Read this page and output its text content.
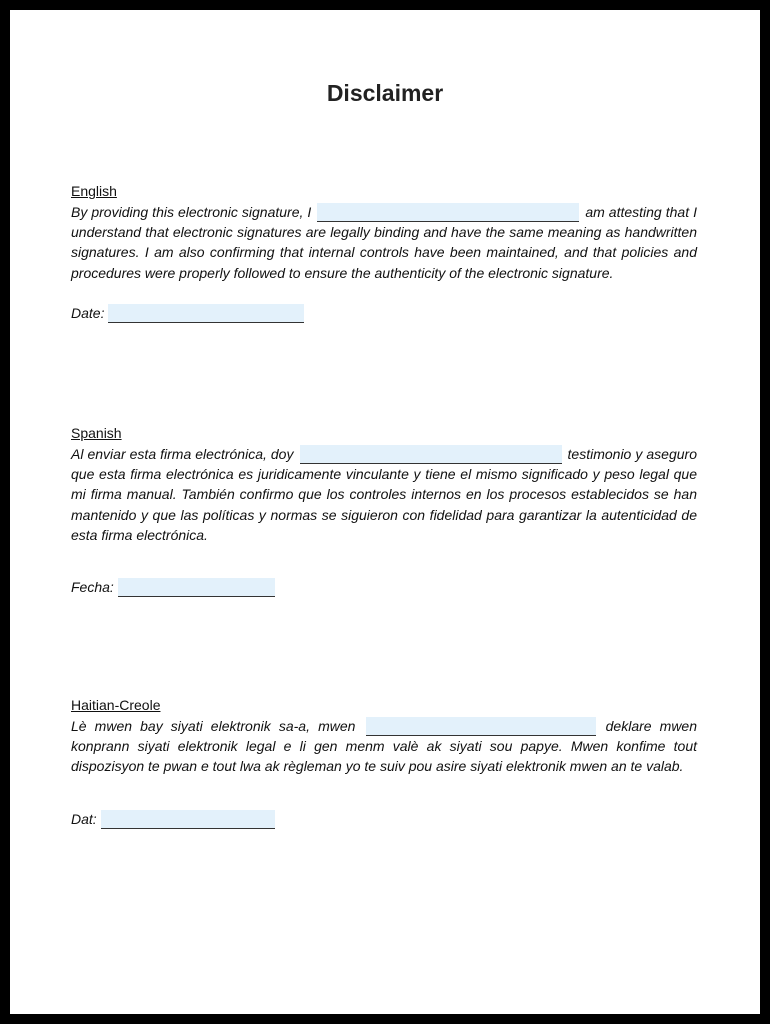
Disclaimer

English

By providing this electronic signature, I	am attesting that I understand that electronic signatures are legally binding and have the same meaning as handwritten signatures. I am also confirming that internal controls have been maintained, and that policies and procedures were properly followed to ensure the authenticity of the electronic signature.

Date:

Spanish

Al enviar esta firma electrónica, doy	testimonio y aseguro que esta firma electrónica es juridicamente vinculante y tiene el mismo significado y peso legal que mi firma manual. También confirmo que los controles internos en los procesos establecidos se han mantenido y que las políticas y normas se siguieron con fidelidad para garantizar la autenticidad de esta firma electrónica.

Fecha:

Haitian-Creole

Lè mwen bay siyati elektronik sa-a, mwen	deklare mwen konprann siyati elektronik legal e li gen menm valè ak siyati sou papye. Mwen konfime tout dispozisyon te pwan e tout lwa ak règleman yo te suiv pou asire siyati elektronik mwen an te valab.

Dat:
